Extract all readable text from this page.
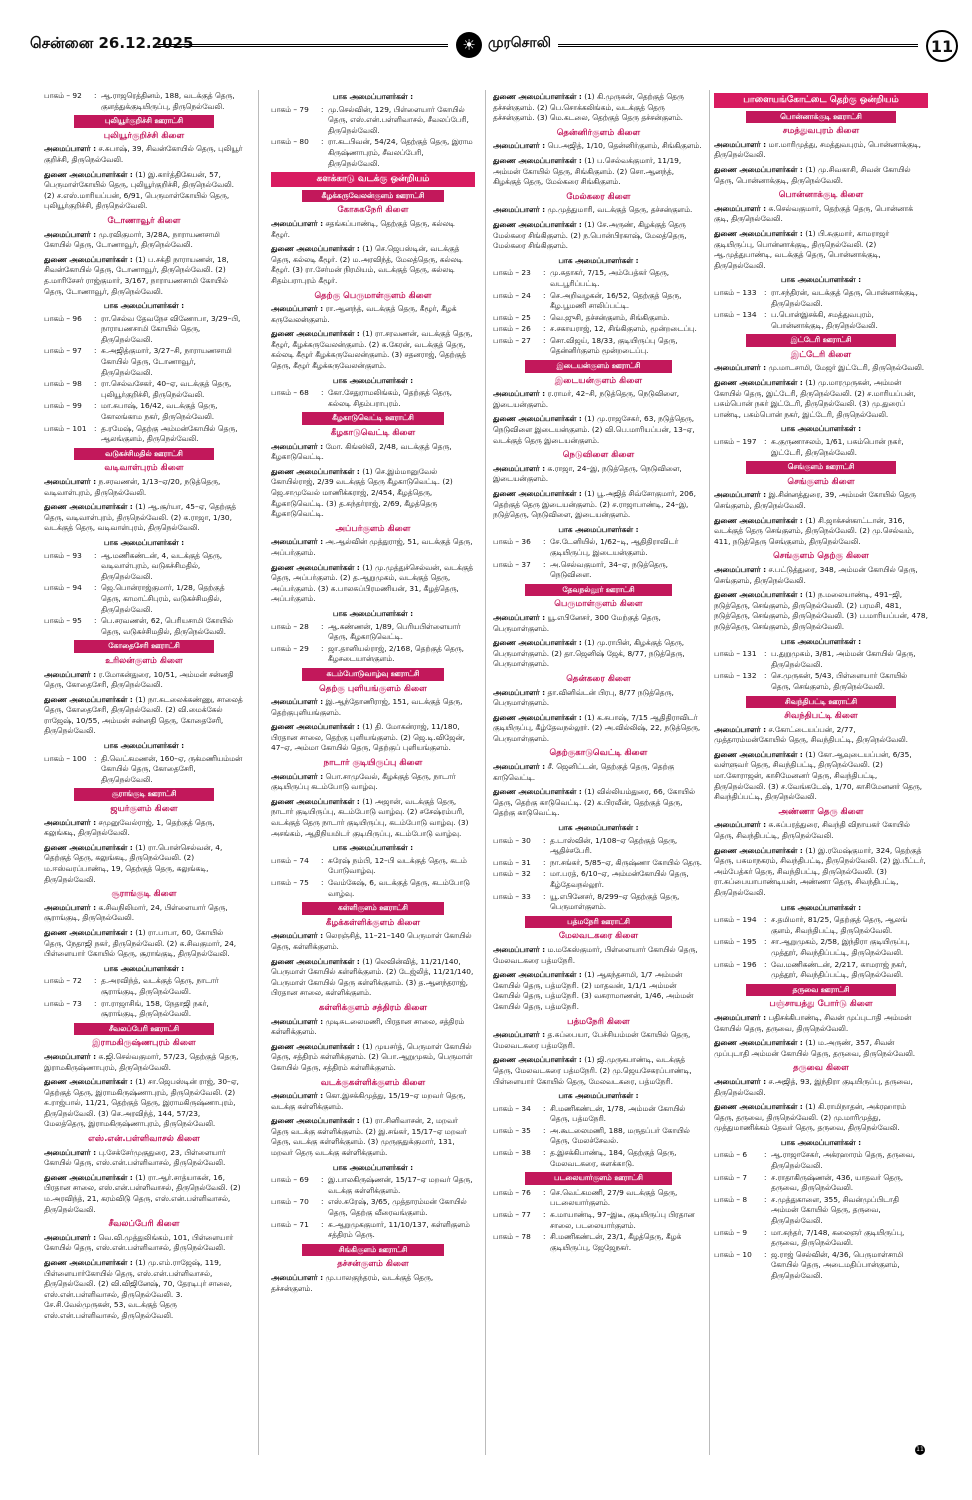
சென்னை 26.12.2025	☀ முரசொலி	11
பாகம் – 92	: ஆ.ராஜரெத்தினம், 188, வடக்குத் தெரு, குளத்துக்குடியிருப்பு, திருநெல்வேலி.
புலியூர்குறிச்சி ஊராட்சி
புலியூர்குறிச்சி கிளை
அமைப்பாளர் : ச.சுபாஷ், 39, சிவன்கோயில் தெரு, புலியூர் குறிச்சி, திருநெல்வேலி.
துணை அமைப்பாளர்கள் : (1) இ.கார்த்திகேயன், 57, பெருமாள்கோயில் தெரு, புலியூர்குறிச்சி, திருநெல்வேலி. (2) ச.எஸ்.மாரியப்பன், 6/91, பெருமாள்கோயில் தெரு, புலியூர்குறிச்சி, திருநெல்வேலி.
டோணாவூர் கிளை
அமைப்பாளர் : மு.ரவிகுமார், 3/28A, நாராயணசாமி கோயில் தெரு, டோணாவூர், திருநெல்வேலி.
துணை அமைப்பாளர்கள் : (1) ப.சக்தி நாராயணன், 18, சிவன்கோயில் தெரு, டோணாவூர், திருநெல்வேலி. (2) த.மாரிசேசர் ராஜ்குமார், 3/167, நாராயணசாமி கோயில் தெரு, டோணாவூர், திருநெல்வேலி.
பாக அமைப்பாளர்கள் :
பாகம் – 96	: ரா.செல்வ தேவநேச விணோபா, 3/29–பி, நாராயணசாமி கோயில் தெரு, திருநெல்வேலி.
பாகம் – 97	: சு.அஜித்குமார், 3/27–சி, நாராயணசாமி கோயில் தெரு, டோணாவூர், திருநெல்வேலி.
பாகம் – 98	: ரா.செல்வசேகர், 40–ஏ, வடக்குத் தெரு, புலியூர்குறிச்சி, திருநெல்வேலி.
பாகம் – 99	: மா.சுபாஷ், 16/42, வடக்குத் தெரு, கோலங்காம நகர், திருநெல்வேலி.
பாகம் – 101	: த.ரமேஷ், தெற்கு அம்மன்கோயில் தெரு, ஆலங்குளம், திருநெல்வேலி.
வடுகச்சிமதில் ஊராட்சி
வடிவாள்புரம் கிளை
அமைப்பாளர் : ந.சரவணன், 1/13–ஏ/20, நடுத்தெரு, வடிவாள்புரம், திருநெல்வேலி.
துணை அமைப்பாளர்கள் : (1) ஆ.சூர்யா, 45–ஏ, தெற்குத் தெரு, வடிவாள்புரம், திருநெல்வேலி. (2) க.ராஜா, 1/30, வடக்குத் தெரு, வடிவாள்புரம், திருநெல்வேலி.
பாக அமைப்பாளர்கள் :
பாகம் – 93	: ஆ.மணிகண்டன், 4, வடக்குத் தெரு, வடிவாள்புரம், வடுகச்சிமதில், திருநெல்வேலி.
பாகம் – 94	: ஜெ.பொன்ராஜ்குமார், 1/28, தெற்குத் தெரு, காமாட்சிபுரம், வடுகச்சிமதில், திருநெல்வேலி.
பாகம் – 95	: பெ.சரவணன், 62, பெரியசாமி கோயில் தெரு, வடுகச்சிமதில், திருநெல்வேலி.
கோதைசேரி ஊராட்சி
உரிலன்குளம் கிளை
அமைப்பாளர் : ர.மோகன்துரை, 10/51, அம்மன் சன்னதி தெரு, கோதைசேரி, திருநெல்வேலி.
துணை அமைப்பாளர்கள் : (1) நா.சுடலைக்கண்ணு, சாலைத் தெரு, கோதைசேரி, திருநெல்வேலி. (2) வி.மைக்கேல் ராஜேஷ், 10/55, அம்மன் சன்னதி தெரு, கோதைசேரி, திருநெல்வேலி.
பாக அமைப்பாளர்கள் :
பாகம் – 100	: தி.வெட்கமணன், 160–ஏ, ருக்மணியம்மன் கோயில் தெரு, கோதைசேரி, திருநெல்வேலி.
சூராங்குடி ஊராட்சி
ஜயர்குளம் கிளை
அமைப்பாளர் : சமுனுவேல்ராஜ், 1, தெற்குத் தெரு, கலுங்கடி, திருநெல்வேலி.
துணை அமைப்பாளர்கள் : (1) ரா.பொன்செல்வன், 4, தெற்குத் தெரு, கலுங்கடி, திருநெல்வேலி. (2) ம.ஈஸ்வரப்பாண்டி, 19, தெற்குத் தெரு, கலுங்கடி, திருநெல்வேலி.
சூராங்குடி கிளை
அமைப்பாளர் : க.சிவநிலிமார், 24, பிள்ளையார் தெரு, சூராங்குடி, திருநெல்வேலி.
துணை அமைப்பாளர்கள் : (1) ரா.பாபா, 60, கோயில் தெரு, நேதாஜி நகர், திருநெல்வேலி. (2) க.சிவகுமார், 24, பிள்ளையார் கோயில் தெரு, சூராங்குடி, திருநெல்வேலி.
பாக அமைப்பாளர்கள் :
பாகம் – 72	: த.அரவிந்த், வடக்குத் தெரு, நாடார் சூராங்குடி, திருநெல்வேலி.
பாகம் – 73	: ரா.ராஜாசிங், 158, நேதாஜி நகர், சூராங்குடி, திருநெல்வேலி.
சீவலப்பேரி ஊராட்சி
இராமகிருஷ்ணபுரம் கிளை
அமைப்பாளர் : சு.ஜி.செல்வகுமார், 57/23, தெற்குத் தெரு, இராமகிருஷ்ணாபுரம், திருநெல்வேலி.
துணை அமைப்பாளர்கள் : (1) சா.ஜெபஸ்டின் ராஜ், 30–ஏ, தெற்குத் தெரு, இராமகிருஷ்ணாபுரம், திருநெல்வேலி. (2) சு.ராஜ்பால், 11/21, தெற்குத் தெரு, இராமகிருஷ்ணாபுரம், திருநெல்வேலி. (3) செ.அரவிந்த், 144, 57/23, மேலத்தெரு, இராமகிருஷ்ணாபுரம், திருநெல்வேலி.
எஸ்.என்.பள்ளிவாசல் கிளை
அமைப்பாளர் : பு.சேக்சேர்முகுதுரை, 23, பிள்ளையார் கோயில் தெரு, எஸ்.என்.பள்ளிவாசல், திருநெல்வேலி.
துணை அமைப்பாளர்கள் : (1) ரா.ஆர்.சாத்யாகன், 16, பிரதான சாலை, எஸ்.என்.பள்ளிவாசல், திருநெல்வேலி. (2) ம.அரவிந்த், 21, கரம்விடு தெரு, எஸ்.என்.பள்ளிவாசல், திருநெல்வேலி.
சீவலப்பேரி கிளை
அமைப்பாளர் : வெ.வி.முத்துலிங்கம், 101, பிள்ளையார் கோயில் தெரு, எஸ்.என்.பள்ளிவாசல், திருநெல்வேலி.
துணை அமைப்பாளர்கள் : (1) மு.எம்.ராஜேஷ், 119, பிள்ளையார்கோயில் தெரு, எஸ்.என்.பள்ளிவாசல், திருநெல்வேலி. (2) வி.விஜினேஷ், 70, தேரடிபுர் சாலை, எஸ்.என்.பள்ளிவாசல், திருநெல்வேலி. 3. சே.சி.வேல்முருகன், 53, வடக்குத் தெரு எஸ்.என்.பள்ளிவாசல், திருநெல்வேலி.
பாக அமைப்பாளர்கள் :
பாகம் – 79	: மு.செல்வின், 129, பிள்ளையார் கோயில் தெரு, எஸ்.என்.பள்ளிவாசல், சீவலப்பேரி, திருநெல்வேலி.
பாகம் – 80	: ரா.கடபிவன், 54/24, தெற்குத் தெரு, இராம கிருஷ்ணாபுரம், சீவலப்பேரி, திருநெல்வேலி.
களக்காடு வடக்கு ஒன்றியம்
கீழக்கருவேலன்குளம் ஊராட்சி
கோசுகநேரி கிளை
அமைப்பாளர் : சதங்கப்பாண்டி, தெற்குத் தெரு, கல்லடி கீழூர்.
துணை அமைப்பாளர்கள் : (1) செ.ஜெபஸ்டின், வடக்குத் தெரு, கல்லடி கீழூர். (2) ம.அரவிந்த், மேலத்தெரு, கல்லடி கீழூர். (3) ரா.சேர்மன் நிரமியம், வடக்குத் தெரு, கல்லடி சிதம்பராபுரம் கீழூர்.
தெற்கு பெருமாள்குளம் கிளை
அமைப்பாளர் : ரா.ஆனந்த், வடக்குத் தெரு, கீழூர், கீழக் கருவேலன்குளம்.
துணை அமைப்பாளர்கள் : (1) ரா.சரவணன், வடக்குத் தெரு, கீழூர், கீழக்கருவேலன்குளம். (2) க.கேரன், வடக்குத் தெரு, கல்லடி கீழூர் கீழக்கருவேலன்குளம். (3) சதனராஜ், தெற்குத் தெரு, கீழூர் கீழக்கருவேலன்குளம்.
பாக அமைப்பாளர்கள் :
பாகம் – 68	: கோ.சேதுராமலிங்கம், தெற்குத் தெரு, கல்லடி சிதம்பராபுரம்.
கீழகாடுவெட்டி ஊராட்சி
கீழகாடுவெட்டி கிளை
அமைப்பாளர் : மோ. கிங்ஸிலி, 2/48, வடக்குத் தெரு, கீழகாடுவெட்டி.
துணை அமைப்பாளர்கள் : (1) செ.இம்மானுவேல் கோயில்ராஜ், 2/39 வடக்குத் தெரு கீழகாடுவெட்டி. (2) ஜெ.சாமுவேல் மாணிக்கராஜ், 2/454, கீழத்தெரு, கீழகாடுவெட்டி. (3) த.சுந்தர்ராஜ், 2/69, கீழத்தெரு கீழகாடுவெட்டி.
அப்பர்குளம் கிளை
அமைப்பாளர் : அ.ஆல்வின் முத்துராஜ், 51, வடக்குத் தெரு, அப்பர்குளம்.
துணை அமைப்பாளர்கள் : (1) மு.முத்துச்செல்வன், வடக்குத் தெரு, அப்பர்குளம். (2) த.ஆறுமுகம், வடக்குத் தெரு, அப்பர்குளம். (3) சு.பாலசுப்பிரமணியன், 31, கீழத்தெரு, அப்பர்குளம்.
பாக அமைப்பாளர்கள் :
பாகம் – 28	: ஆ.கண்ணன், 1/89, பெரியபிள்ளையார் தெரு, கீழகாடுவெட்டி.
பாகம் – 29	: ஜா.தானியல்ராஜ், 2/168, தெற்குத் தெரு, கீழசடையான்குளம்.
கடம்போடுவாழ்வு ஊராட்சி
தெற்கு புளியங்குளம் கிளை
அமைப்பாளர் : இ.ஆந்தோணிராஜ், 151, வடக்குத் தெரு, தெற்குபுளியங்குளம்.
துணை அமைப்பாளர்கள் : (1) தி. மோகன்ராஜ், 11/180, பிரதான சாலை, தெற்கு புளியங்குளம். (2) ஜெ.டி.விஜேன், 47–ஏ, அம்மா கோயில் தெரு, தெற்குப் புளியங்குளம்.
நாடார் குடியிருப்பு கிளை
அமைப்பாளர் : பொ.சாமுவேல், கீழக்குத் தெரு, நாடார் குடியிருப்பு கடம்போடு வாழ்வு.
துணை அமைப்பாளர்கள் : (1) அஜான், வடக்குத் தெரு, நாடார் குடியிருப்பு, கடம்போடு வாழ்வு. (2) சசேஷ்ரம்பரி, வடக்குத் தெரு நாடார் குடியிருப்பு, கடம்போடு வாழ்வு. (3) அசங்கம், ஆதிநியமிடர் குடியிருப்பு, கடம்போடு வாழ்வு.
பாக அமைப்பாளர்கள் :
பாகம் – 74	: சுரேஷ் நம்பி, 12–பி வடக்குத் தெரு, கடம் போடுவாழ்வு.
பாகம் – 75	: வேம்கேஷ், 6, வடக்குத் தெரு, கடம்போடு வாழ்வு.
கள்ளிகுளம் ஊராட்சி
கீழக்கள்ளிக்குளம் கிளை
அமைப்பாளர் : லெரஞ்சித், 11–21–140 பெருமாள் கோயில் தெரு, கள்ளிக்குளம்.
துணை அமைப்பாளர்கள் : (1) லெவின்வித், 11/21/140, பெருமாள் கோயில் கள்ளிக்குளம். (2) டேஜ்லித், 11/21/140, பெருமாள் கோயில் தெரு கள்ளிக்குளம். (3) த.ஆனந்தராஜ், பிரதான சாலை, கள்ளிக்குளம்.
கள்ளிக்குளம் சத்திரம் கிளை
அமைப்பாளர் : முடிசுடலைமணி, பிரதான சாலை, சத்திரம் கள்ளிக்குளம்.
துணை அமைப்பாளர்கள் : (1) முயசர்த், பெருமாள் கோயில் தெரு, சத்திரம் கள்ளிக்குளம். (2) பொ.ஆறுமுகம், பெருமாள் கோயில் தெரு, சத்திரம் கள்ளிக்குளம்.
வடக்குகள்ளிக்குளம் கிளை
அமைப்பாளர் : கொ.இசக்கிமுத்து, 15/19–ஏ மறவர் தெரு, வடக்கு கள்ளிக்குளம்.
துணை அமைப்பாளர்கள் : (1) ரா.சினிவாசன், 2, மறவர் தெரு வடக்கு கள்ளிக்குளம். (2) இ.சங்கர், 15/17–ஏ மறவர் தெரு, வடக்கு கள்ளிக்குளம். (3) முருகுதுக்குமார், 131, மறவர் தெரு வடக்கு கள்ளிக்குளம்.
பாக அமைப்பாளர்கள் :
பாகம் – 69	: இ.பாலகிருஷ்ணன், 15/17–ஏ மறவர் தெரு, வடக்கு கள்ளிக்குளம்.
பாகம் – 70	: எஸ்.சுரேஷ், 3/65, முத்தாரம்மன் கோயில் தெரு, தெற்கு வீரைவங்குளம்.
பாகம் – 71	: சு.ஆறுமுககுமார், 11/10/137, கள்ளிகுளம் சத்திரம் தெரு.
சிங்கிகுளம் ஊராட்சி
தச்சன்குளம் கிளை
அமைப்பாளர் : மு.பாலகுந்தரம், வடக்குத் தெரு, தச்சன்குளம்.
துணை அமைப்பாளர்கள் : (1) கி.முருகன், தெற்குத் தெரு தச்சன்குளம். (2) பெ.சொக்கலிங்கம், வடக்குத் தெரு தச்சன்குளம். (3) மெ.கடலை, தெற்குத் தெரு தச்சன்குளம்.
தென்னிர்குளம் கிளை
அமைப்பாளர் : பெ.அஜித், 1/10, தென்னிர்குளம், சிங்கிகுளம்.
துணை அமைப்பாளர்கள் : (1) ப.செல்வக்குமார், 11/19, அம்மன் கோயில் தெரு, சிங்கிகுளம். (2) சொ.ஆனந்த், கிழக்குத் தெரு, மேல்கரை சிங்கிகுளம்.
மேல்கரை கிளை
அமைப்பாளர் : மு.முத்துமாரி, வடக்குத் தெரு, தச்சன்குளம்.
துணை அமைப்பாளர்கள் : (1) சே.அருண், கிழக்குத் தெரு மேல்கரை சிங்கிகுளம். (2) ந.பொன்பிரகாஷ், மேலத்தெரு, மேல்கரை சிங்கிகுளம்.
பாக அமைப்பாளர்கள் :
பாகம் – 23	: மு.சுதாகர், 7/15, அம்பேத்கர் தெரு, வடபூரிப்பட்டி.
பாகம் – 24	: செ.அறிவழகன், 16/52, தெற்குத் தெரு, கீழ.பூமணி சாலிப்பட்டி.
பாகம் – 25	: வெ.ஜுசி, தச்சன்குளம், சிங்கிகுளம்.
பாகம் – 26	: ச.சகாயராஜ், 12, சிங்கிகுளம், மூன்றடைப்பு.
பாகம் – 27	: சொ.விஜய், 18/33, குடியிருப்பு தெரு, தென்னிர்குளம் மூன்றடைப்பு.
இடையன்குளம் ஊராட்சி
இடையன்குளம் கிளை
அமைப்பாளர் : ர.ராமர், 42–சி, நடுத்தெரு, நெடுவிளை, இடையன்குளம்.
துணை அமைப்பாளர்கள் : (1) மு.ராஜசேகர், 63, நடுத்தெரு, நெடுவிளை இடையன்குளம். (2) வி.பெ.மாரியப்பன், 13–ஏ, வடக்குத் தெரு இடையன்குளம்.
நெடுவிளை கிளை
அமைப்பாளர் : சு.ராஜா, 24–இ, நடுத்தெரு, நெடுவிளை, இடையன்குளம்.
துணை அமைப்பாளர்கள் : (1) பூ.அஜித் சிவ்சோகுமார், 206, தெற்குத் தெரு இடையன்குளம். (2) ச.ராஜாபாண்டி, 24–இ, நடுத்தெரு, நெடுவிளை, இடையன்குளம்.
பாக அமைப்பாளர்கள் :
பாகம் – 36	: சே.டேனியில், 1/62–டி, ஆதிதிராவிடர் குடியிருப்பு, இடையன்குளம்.
பாகம் – 37	: அ.செல்வகுமார், 34–ஏ, நடுத்தெரு, நெடுவிளை.
தேவநல்லூர் ஊராட்சி
பெருமாள்குளம் கிளை
அமைப்பாளர் : யூ.எபினேசர், 300 மேற்குத் தெரு, பெருமாள்குளம்.
துணை அமைப்பாளர்கள் : (1) மு.ராபின், கிழக்குத் தெரு, பெருமாள்குளம். (2) தா.ஜெனிஷ் ஜேக், 8/77, நடுத்தெரு, பெருமாள்குளம்.
தென்கரை கிளை
அமைப்பாளர் : தா.வினிவ்டன் பிரபு, 8/77 நடுத்தெரு, பெருமாள்குளம்.
துணை அமைப்பாளர்கள் : (1) க.சுபாஷ், 7/15 ஆதிதிராவிடர் குடியிருப்பு, கீழ்தேவநல்லூர். (2) அ.வில்லிஷ், 22, நடுத்தெரு, பெருமாள்குளம்.
தெற்குகாடுவெட்டி கிளை
அமைப்பாளர் : சீ. ஜெனிட்டன், தெற்குத் தெரு, தெற்கு காடுவெட்டி.
துணை அமைப்பாளர்கள் : (1) வில்லியம்துரை, 66, கோயில் தெரு, தெற்கு காடுவெட்டி. (2) க.பிரவீன், தெற்குத் தெரு, தெற்கு காடுவெட்டி.
பாக அமைப்பாளர்கள் :
பாகம் – 30	: த.டாஸ்வின், 1/108–ஏ தெற்குத் தெரு, ஆதிச்சபேரி.
பாகம் – 31	: நா.சங்கர், 5/85–ஏ, கிருஷ்ணா கோயில் தெரு.
பாகம் – 32	: மா.பரத், 6/10–ஏ, அம்மன்கோயில் தெரு, கீழ்தேவநல்லூர்.
பாகம் – 33	: யூ.எபினேசர், 8/299–ஏ தெற்குத் தெரு, பெருமாள்குளம்.
பத்மநேரி ஊராட்சி
மேலவடகரை கிளை
அமைப்பாளர் : ம.மகேஸ்குமார், பிள்ளையார் கோயில் தெரு, மேலவடகரை பத்மநேரி.
துணை அமைப்பாளர்கள் : (1) ஆகந்தசாமி, 1/7 அம்மன் கோயில் தெரு, பத்மநேரி. (2) மாதவன், 1/1/1 அம்மன் கோயில் தெரு, பத்மநேரி. (3) வசுராமாணன், 1/46, அம்மன் கோயில் தெரு, பத்மநேரி.
பத்மநேரி கிளை
அமைப்பாளர் : த.சுப்பையா, பேச்சியம்மன் கோயில் தெரு, மேலவடகரை பத்மநேரி.
துணை அமைப்பாளர்கள் : (1) ஜி.முருகபாண்டி, வடக்குத் தெரு, மேலவடகரை பத்மநேரி. (2) மு.ஜெயசேகரப்பாண்டி, பிள்ளையார் கோயில் தெரு, மேலவடகரை, பத்மநேரி.
பாக அமைப்பாளர்கள் :
பாகம் – 34	: சி.மணிகண்டன், 1/78, அம்மன் கோயில் தெரு, பத்மநேரி.
பாகம் – 35	: அ.கூடலைமணி, 188, மருதப்பர் கோயில் தெரு, மேலச்சேவல்.
பாகம் – 38	: த.இசக்கிபாண்டி, 184, தெற்குத் தெரு, மேலவடகரை, களக்காடு.
படலையார்குளம் ஊராட்சி
பாகம் – 76	: செ.வெட்கமணி, 27/9 வடக்குத் தெரு, படலையார்குளம்.
பாகம் – 77	: சு.மாயாண்டி, 97–இடீ, குடியிருப்பு பிரதான சாலை, படலையார்குளம்.
பாகம் – 78	: சி.மணிகண்டன், 23/1, கீழத்தெரு, கீழக் குடியிருப்பு, ஜேஜேநகர்.
பாளையங்கோட்டை தெற்கு ஒன்றியம்
பொன்னாக்குடி ஊராட்சி
சமத்துவபுரம் கிளை
அமைப்பாளர் : மா.மாரிமுத்து, சமத்துவபுரம், பொன்னாக்குடி, திருநெல்வேலி.
துணை அமைப்பாளர்கள் : (1) மு.சிவகாசி, சிவன் கோயில் தெரு, பொன்னாக்குடி, திருநெல்வேலி.
பொன்னாக்குடி கிளை
அமைப்பாளர் : சு.செல்வகுமார், தெற்குத் தெரு, பொன்னாக் குடி, திருநெல்வேலி.
துணை அமைப்பாளர்கள் : (1) பி.சுகுமார், காமராஜர் குடியிருப்பு, பொன்னாக்குடி, திருநெல்வேலி. (2) ஆ.முத்துபாண்டி, வடக்குத் தெரு, பொன்னாக்குடி, திருநெல்வேலி.
பாக அமைப்பாளர்கள் :
பாகம் – 133	: ரா.சந்திரன், வடக்குத் தெரு, பொன்னாக்குடி, திருநெல்வேலி.
பாகம் – 134	: ப.பொன்இசக்கி, சமத்துவபுரம், பொன்னாக்குடி, திருநெல்வேலி.
இட்டேரி ஊராட்சி
இட்டேரி கிளை
அமைப்பாளர் : மு.மாடசாமி, மேஜர் இட்டேரி, திருநெல்வேலி.
துணை அமைப்பாளர்கள் : (1) மு.மாரமுருகன், அம்மன் கோயில் தெரு, இட்டேரி, திருநெல்வேலி. (2) ச.மாரியப்பன், பசும்பொன் நகர் இட்டேரி, திருநெல்வேலி. (3) மு.துரைப் பாண்டி, பசும்பொன் நகர், இட்டேரி, திருநெல்வேலி.
பாக அமைப்பாளர்கள் :
பாகம் – 197	: சு.குருணாசலம், 1/61, பசும்பொன் நகர், இட்டேரி, திருநெல்வேலி.
செங்குளம் ஊராட்சி
செங்குளம் கிளை
அமைப்பாளர் : இ.சின்னத்துரை, 39, அம்மன் கோயில் தெரு செங்குளம், திருநெல்வேலி.
துணை அமைப்பாளர்கள் : (1) சி.ஜாக்சன்காட்டான், 316, வடக்குத் தெரு செங்குளம், திருநெல்வேலி. (2) மு.செல்வம், 411, நடுத்தெரு செங்குளம், திருநெல்வேலி.
செங்குளம் தெற்கு கிளை
அமைப்பாளர் : ச.பட்டுத்துரை, 348, அம்மன் கோயில் தெரு, செங்குளம், திருநெல்வேலி.
துணை அமைப்பாளர்கள் : (1) ந.மலையாண்டி, 491–ஜி, நடுத்தெரு, செங்குளம், திருநெல்வேலி. (2) பரமசி, 481, நடுத்தெரு, செங்குளம், திருநெல்வேலி. (3) ப.மாரியப்பன், 478, நடுத்தெரு, செங்குளம், திருநெல்வேலி.
பாக அமைப்பாளர்கள் :
பாகம் – 131	: ப.துறுமுகம், 3/81, அம்மன் கோயில் தெரு, திருநெல்வேலி.
பாகம் – 132	: செ.முருகன், 5/43, பிள்ளையார் கோயில் தெரு, செங்குளம், திருநெல்வேலி.
சிவந்திபட்டி ஊராட்சி
சிவந்திபட்டி கிளை
அமைப்பாளர் : ச.கோட்டையப்பன், 2/77, முத்தாரம்மன்கோயில் தெரு, சிவந்திபட்டி, திருநெல்வேலி.
துணை அமைப்பாளர்கள் : (1) கோ.ஆவுடையப்பன், 6/35, வள்ளுவர் தெரு, சிவந்திபட்டி, திருநெல்வேலி. (2) மா.கோராஜன், காசிமேனனர் தெரு, சிவந்திபட்டி, திருநெல்வேலி. (3) ச.வேங்கடேஷ், 1/70, காசிமேனனர் தெரு, சிவந்திப்பட்டி, திருநெல்வேலி.
அண்ணா தெரு கிளை
அமைப்பாளர் : சு.சுப்பரத்துரை, சிவந்தி விநாயகர் கோயில் தெரு, சிவந்திபட்டி, திருநெல்வேலி.
துணை அமைப்பாளர்கள் : (1) இ.ரமேஷ்குமார், 324, தெற்குத் தெரு, பசுமாநகரம், சிவந்திபட்டி, திருநெல்வேலி. (2) இ.பீட்டர், அம்பேத்கர் தெரு, சிவந்திபட்டி, திருநெல்வேலி. (3) ரா.சுப்பையாபாண்டியன், அண்ணா தெரு, சிவந்திபட்டி, திருநெல்வேலி.
பாக அமைப்பாளர்கள் :
பாகம் – 194	: ச.தமிமார், 81/25, தெற்குத் தெரு, ஆலங் குளம், சிவந்திபட்டி, திருநெல்வேலி.
பாகம் – 195	: சா.ஆறுமுகம், 2/58, இந்திரா குடியிருப்பு, முத்தூர், சிவந்திப்பட்டி, திருநெல்வேலி.
பாகம் – 196	: வே.மணிகண்டன், 2/217, காமராஜ் நகர், முத்தூர், சிவந்திப்பட்டி, திருநெல்வேலி.
தருவை ஊராட்சி
பஞ்சாயத்து போர்டு கிளை
அமைப்பாளர் : பதிசக்கிபாண்டி, சிவன் முப்புடாதி அம்மன் கோயில் தெரு, தருவை, திருநெல்வேலி.
துணை அமைப்பாளர்கள் : (1) ம.அருண், 357, சிவன் முப்புடாதி அம்மன் கோயில் தெரு, தருவை, திருநெல்வேலி.
தருவை கிளை
அமைப்பாளர் : ச.அஜித், 93, இந்திரா குடியிருப்பு, தருவை, திருநெல்வேலி.
துணை அமைப்பாளர்கள் : (1) கி.ராமிநாதன், அக்ரஹாரம் தெரு, தருவை, திருநெல்வேலி. (2) மு.மாரிமுத்து, முத்துமாணிக்கம் தேவர் தெரு, தருவை, திருநெல்வேலி.
பாக அமைப்பாளர்கள் :
பாகம் – 6	: ஆ.ராஜாசேகர், அக்ரஹாரம் தெரு, தருவை, திருநெல்வேலி.
பாகம் – 7	: ச.ராதாகிருஷ்ணன், 436, யாதவர் தெரு, தருவை, திருநெல்வேலி.
பாகம் – 8	: ச.முத்துகாளை, 355, சிவன்முப்பிடாதி அம்மன் கோயில் தெரு, தருவை, திருநெல்வேலி.
பாகம் – 9	: மா.சுந்தர், 7/148, கலைஞர் குடியிருப்பு, தருவை, திருநெல்வேலி.
பாகம் – 10	: ஜ.ராஜ் செல்வின், 4/36, பெருமாள்சாமி கோயில் தெரு, அடைமதிப்பான்குளம், திருநெல்வேலி.
11
